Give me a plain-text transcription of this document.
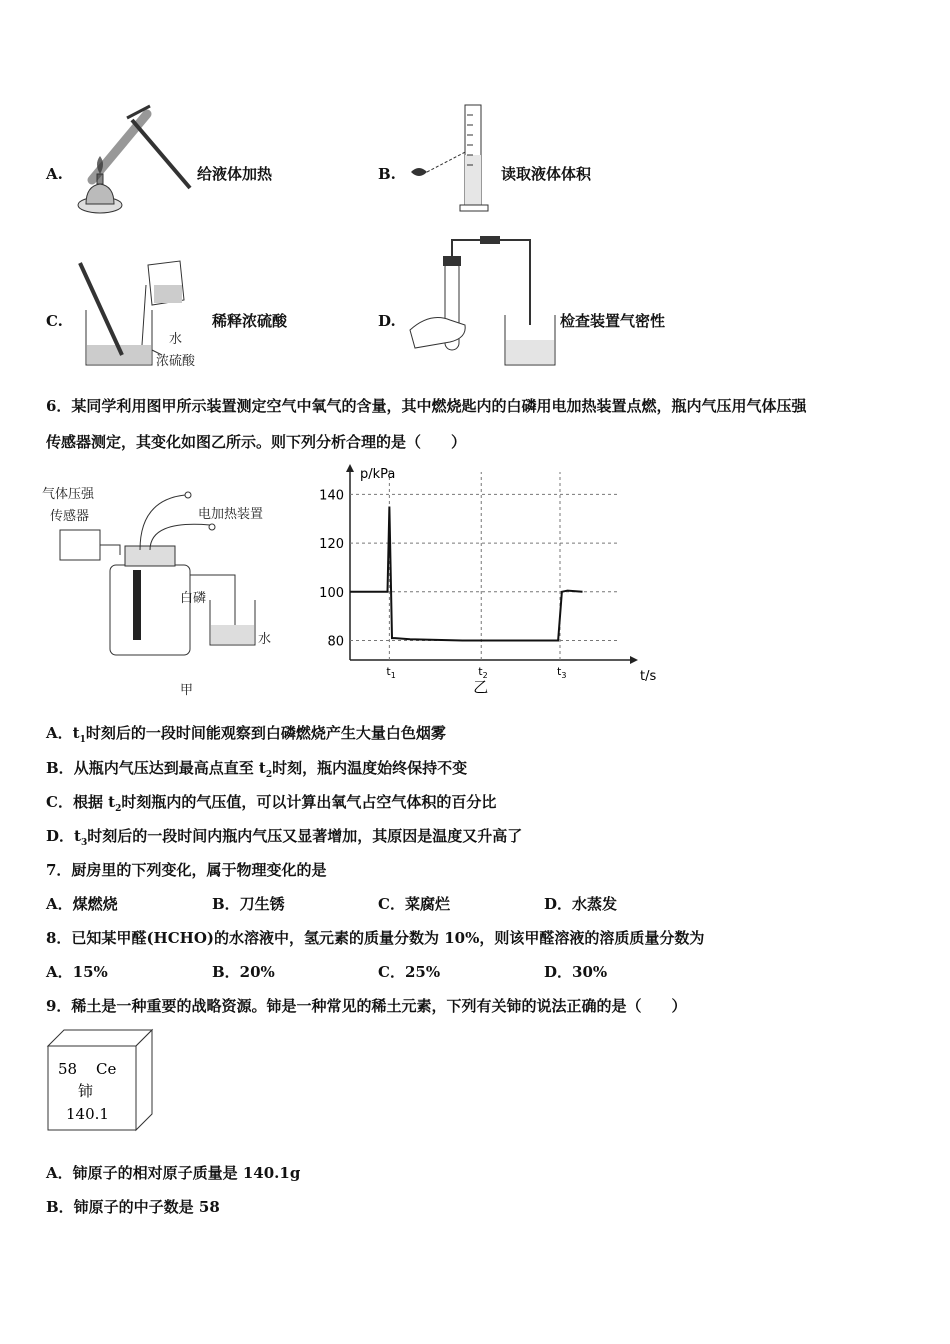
A.	给液体加热	B.	读取液体体积
C.
水
浓硫酸
稀释浓硫酸	D.	检查装置气密性
6．某同学利用图甲所示装置测定空气中氧气的含量，其中燃烧匙内的白磷用电加热装置点燃，瓶内气压用气体压强
传感器测定，其变化如图乙所示。则下列分析合理的是（　　）
气体压强
传感器	电加热装置
白磷
水
甲
80
100
120
140
$t_1$	$t_2$	$t_3$
p/kPa
t/s
乙
A．$t_1$时刻后的一段时间能观察到白磷燃烧产生大量白色烟雾
B．从瓶内气压达到最高点直至 $t_2$时刻，瓶内温度始终保持不变
C．根据 $t_2$时刻瓶内的气压值，可以计算出氧气占空气体积的百分比
D．$t_3$时刻后的一段时间内瓶内气压又显著增加，其原因是温度又升高了
7．厨房里的下列变化，属于物理变化的是
A．煤燃烧	B．刀生锈	C．菜腐烂	D．水蒸发
8．已知某甲醛(HCHO)的水溶液中，氢元素的质量分数为 10%，则该甲醛溶液的溶质质量分数为
A．15%	B．20%	C．25%	D．30%
9．稀土是一种重要的战略资源。铈是一种常见的稀土元素，下列有关铈的说法正确的是（　　）
58 Ce
铈
140.1
A．铈原子的相对原子质量是 140.1g
B．铈原子的中子数是 58
